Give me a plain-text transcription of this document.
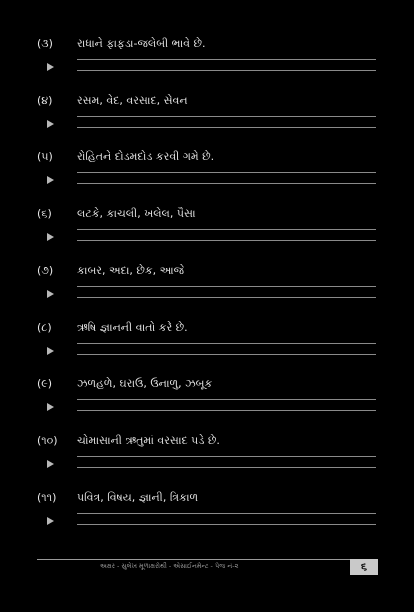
(૩) રાધાને ફાફડા-જલેબી ભાવે છે.
(૪) રસમ, વેદ, વરસાદ, સેવન
(૫) રોહિતને દોડમદોડ કરવી ગમે છે.
(૬) લટકે, કાચલી, ખલેલ, પૈસા
(૭) કાબર, અદા, છેક, આજે
(૮) ઋષિ જ્ઞાનની વાતો કરે છે.
(૯) ઝળહળે, ઘરાઉ, ઉનાળુ, ઝબૂક
(૧૦) ચોમાસાની ઋતુમાં વરસાદ પડે છે.
(૧૧) પવિત્ર, વિષય, જ્ઞાની, ત્રિકાળ
અક્ષર - સુલેખ મૂળાક્ષરોથી - એસાઈનમેન્ટ - પેજ નં-૨	૬
